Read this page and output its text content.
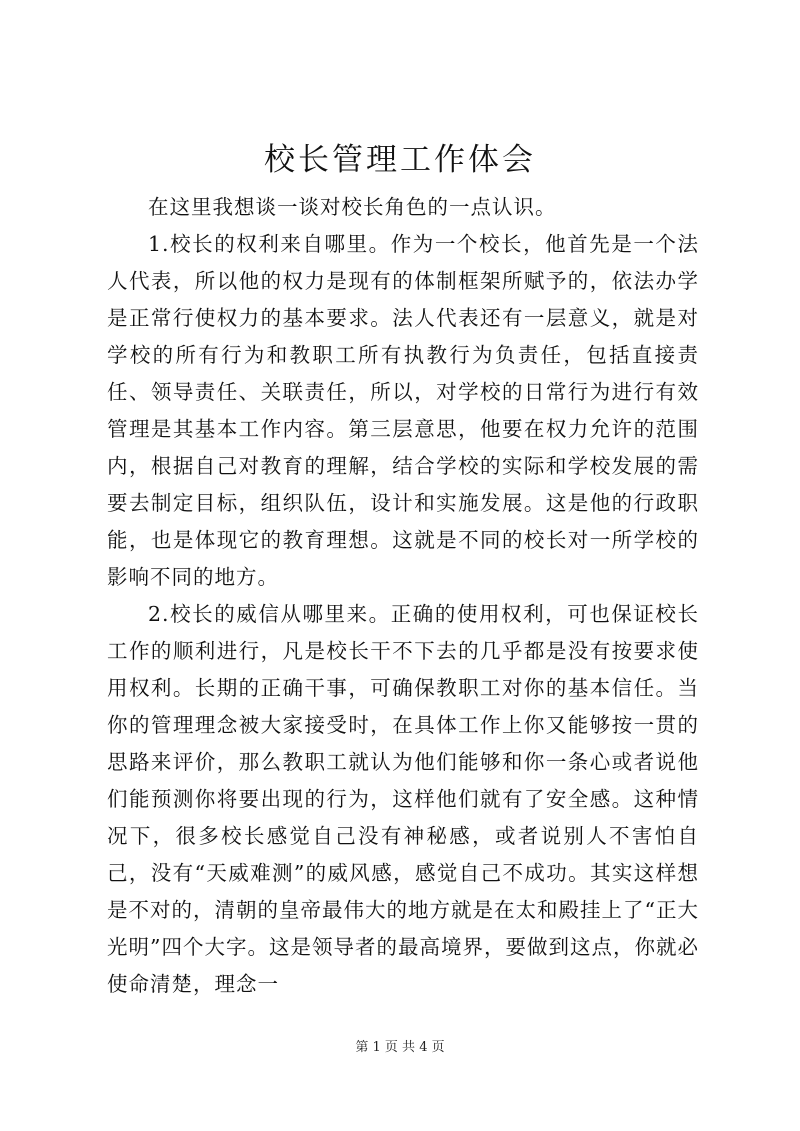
校长管理工作体会

在这里我想谈一谈对校长角色的一点认识。

1.校长的权利来自哪里。作为一个校长，他首先是一个法人代表，所以他的权力是现有的体制框架所赋予的，依法办学是正常行使权力的基本要求。法人代表还有一层意义，就是对学校的所有行为和教职工所有执教行为负责任，包括直接责任、领导责任、关联责任，所以，对学校的日常行为进行有效管理是其基本工作内容。第三层意思，他要在权力允许的范围内，根据自己对教育的理解，结合学校的实际和学校发展的需要去制定目标，组织队伍，设计和实施发展。这是他的行政职能，也是体现它的教育理想。这就是不同的校长对一所学校的影响不同的地方。

2.校长的威信从哪里来。正确的使用权利，可也保证校长工作的顺利进行，凡是校长干不下去的几乎都是没有按要求使用权利。长期的正确干事，可确保教职工对你的基本信任。当你的管理理念被大家接受时，在具体工作上你又能够按一贯的思路来评价，那么教职工就认为他们能够和你一条心或者说他们能预测你将要出现的行为，这样他们就有了安全感。这种情况下，很多校长感觉自己没有神秘感，或者说别人不害怕自己，没有“天威难测”的威风感，感觉自己不成功。其实这样想是不对的，清朝的皇帝最伟大的地方就是在太和殿挂上了“正大光明”四个大字。这是领导者的最高境界，要做到这点，你就必使命清楚，理念一

第 1 页 共 4 页
